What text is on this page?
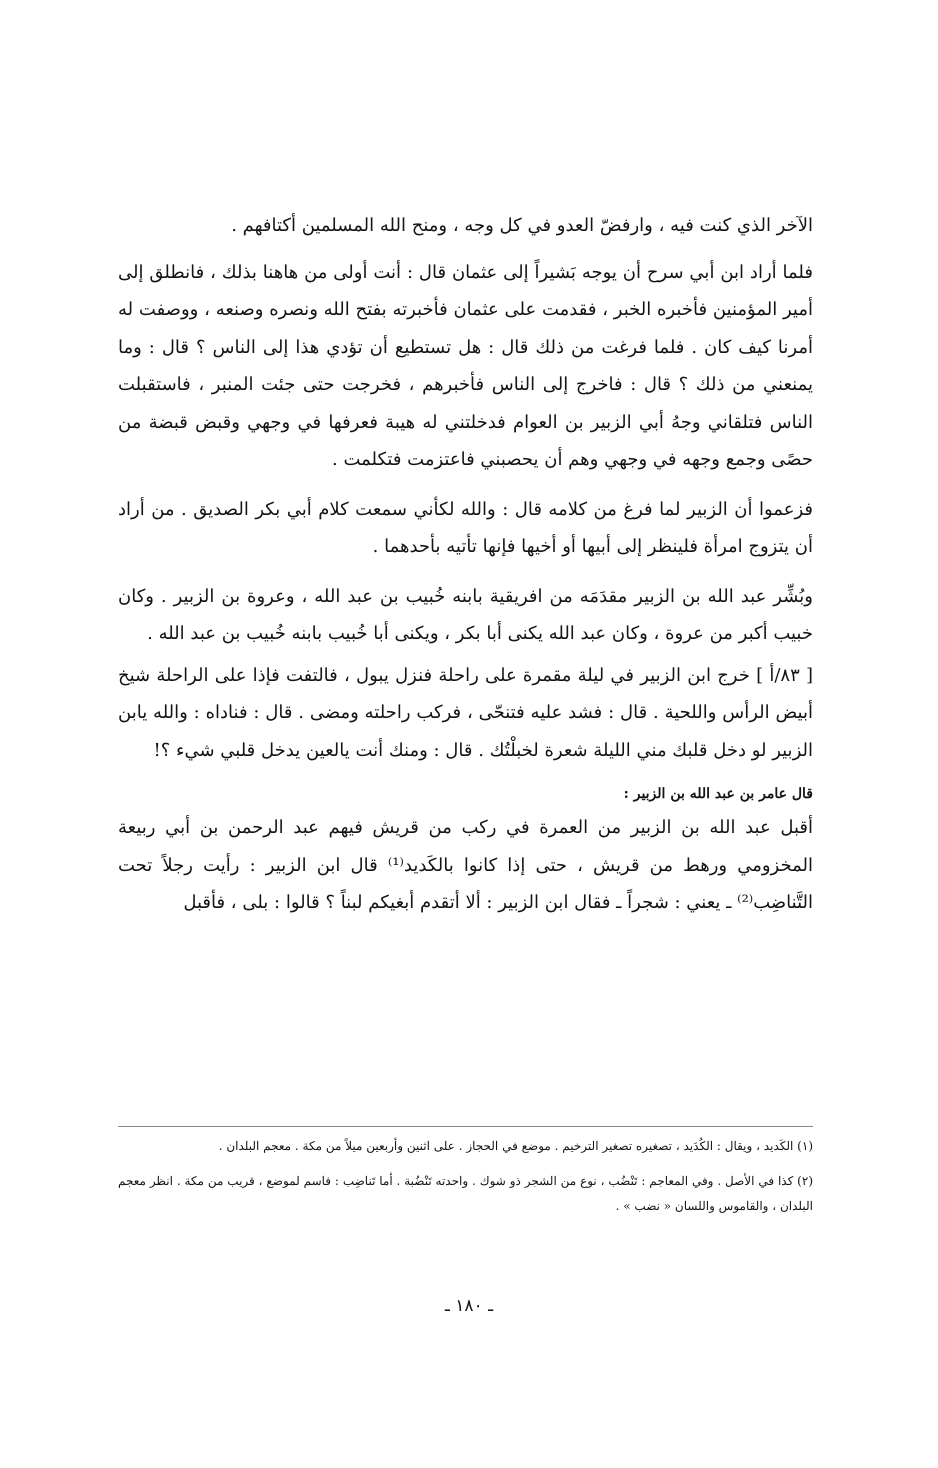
الآخر الذي كنت فيه ، وارفضّ العدو في كل وجه ، ومنح الله المسلمين أكتافهم .

فلما أراد ابن أبي سرح أن يوجه بَشيراً إلى عثمان قال : أنت أولى من هاهنا بذلك ، فانطلق إلى أمير المؤمنين فأخبره الخبر ، فقدمت على عثمان فأخبرته بفتح الله ونصره وصنعه ، ووصفت له أمرنا كيف كان . فلما فرغت من ذلك قال : هل تستطيع أن تؤدي هذا إلى الناس ؟ قال : وما يمنعني من ذلك ؟ قال : فاخرج إلى الناس فأخبرهم ، فخرجت حتى جئت المنبر ، فاستقبلت الناس فتلقاني وجهُ أبي الزبير بن العوام فدخلتني له هيبة فعرفها في وجهي وقبض قبضة من حصًى وجمع وجهه في وجهي وهم أن يحصبني فاعتزمت فتكلمت .

فزعموا أن الزبير لما فرغ من كلامه قال : والله لكأني سمعت كلام أبي بكر الصديق . من أراد أن يتزوج امرأة فلينظر إلى أبيها أو أخيها فإنها تأتيه بأحدهما .

وبُشِّر عبد الله بن الزبير مقدَمَه من افريقية بابنه خُبيب بن عبد الله ، وعروة بن الزبير . وكان خبيب أكبر من عروة ، وكان عبد الله يكنى أبا بكر ، ويكنى أبا خُبيب بابنه خُبيب بن عبد الله .

[ ٨٣/أ ] خرج ابن الزبير في ليلة مقمرة على راحلة فنزل يبول ، فالتفت فإذا على الراحلة شيخ أبيض الرأس واللحية . قال : فشد عليه فتنحّى ، فركب راحلته ومضى . قال : فناداه : والله يابن الزبير لو دخل قلبك مني الليلة شعرة لخبلْتُك . قال : ومنك أنت يالعين يدخل قلبي شيء ؟!

قال عامر بن عبد الله بن الزبير :

أقبل عبد الله بن الزبير من العمرة في ركب من قريش فيهم عبد الرحمن بن أبي ربيعة المخزومي ورهط من قريش ، حتى إذا كانوا بالكَديد⁽¹⁾ قال ابن الزبير : رأيت رجلاً تحت التَّناضِب⁽²⁾ ـ يعني : شجراً ـ فقال ابن الزبير : ألا أتقدم أبغيكم لبناً ؟ قالوا : بلى ، فأقبل

(١) الكَديد ، ويقال : الكُدَيد ، تصغيره تصغير الترخيم . موضع في الحجاز . على اثنين وأربعين ميلاً من مكة . معجم البلدان .

(٢) كذا في الأصل . وفي المعاجم : تَنْضُب ، نوع من الشجر ذو شوك . واحدته تَنْضُبة . أما تَناضِب : فاسم لموضع ، قريب من مكة . انظر معجم البلدان ، والقاموس واللسان « نضب » .

ـ ١٨٠ ـ
